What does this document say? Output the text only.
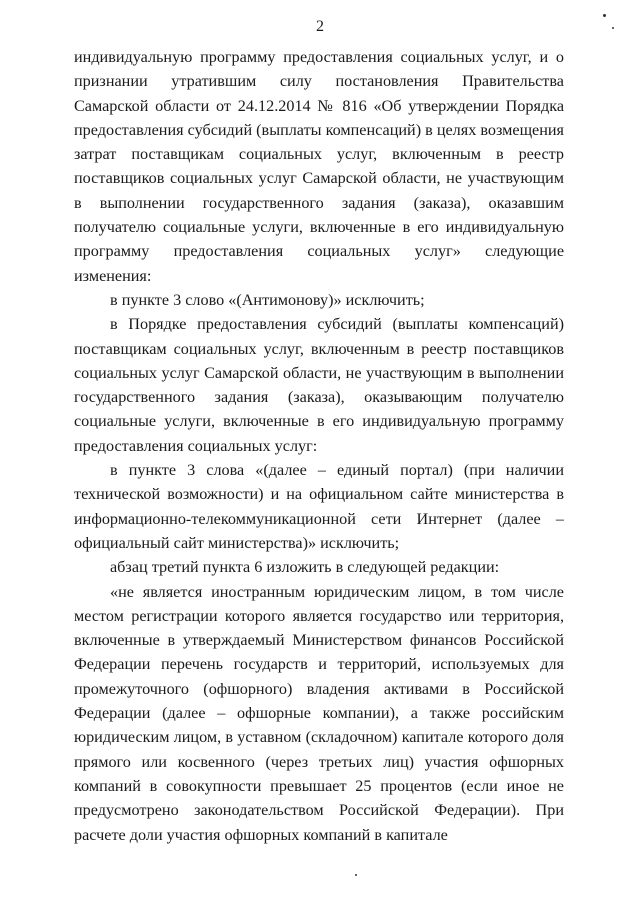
2

индивидуальную программу предоставления социальных услуг, и о признании утратившим силу постановления Правительства Самарской области от 24.12.2014 № 816 «Об утверждении Порядка предоставления субсидий (выплаты компенсаций) в целях возмещения затрат поставщикам социальных услуг, включенным в реестр поставщиков социальных услуг Самарской области, не участвующим в выполнении государственного задания (заказа), оказавшим получателю социальные услуги, включенные в его индивидуальную программу предоставления социальных услуг» следующие изменения:

в пункте 3 слово «(Антимонову)» исключить;

в Порядке предоставления субсидий (выплаты компенсаций) поставщикам социальных услуг, включенным в реестр поставщиков социальных услуг Самарской области, не участвующим в выполнении государственного задания (заказа), оказывающим получателю социальные услуги, включенные в его индивидуальную программу предоставления социальных услуг:

в пункте 3 слова «(далее – единый портал) (при наличии технической возможности) и на официальном сайте министерства в информационно-телекоммуникационной сети Интернет (далее – официальный сайт министерства)» исключить;

абзац третий пункта 6 изложить в следующей редакции:

«не является иностранным юридическим лицом, в том числе местом регистрации которого является государство или территория, включенные в утверждаемый Министерством финансов Российской Федерации перечень государств и территорий, используемых для промежуточного (офшорного) владения активами в Российской Федерации (далее – офшорные компании), а также российским юридическим лицом, в уставном (складочном) капитале которого доля прямого или косвенного (через третьих лиц) участия офшорных компаний в совокупности превышает 25 процентов (если иное не предусмотрено законодательством Российской Федерации). При расчете доли участия офшорных компаний в капитале
